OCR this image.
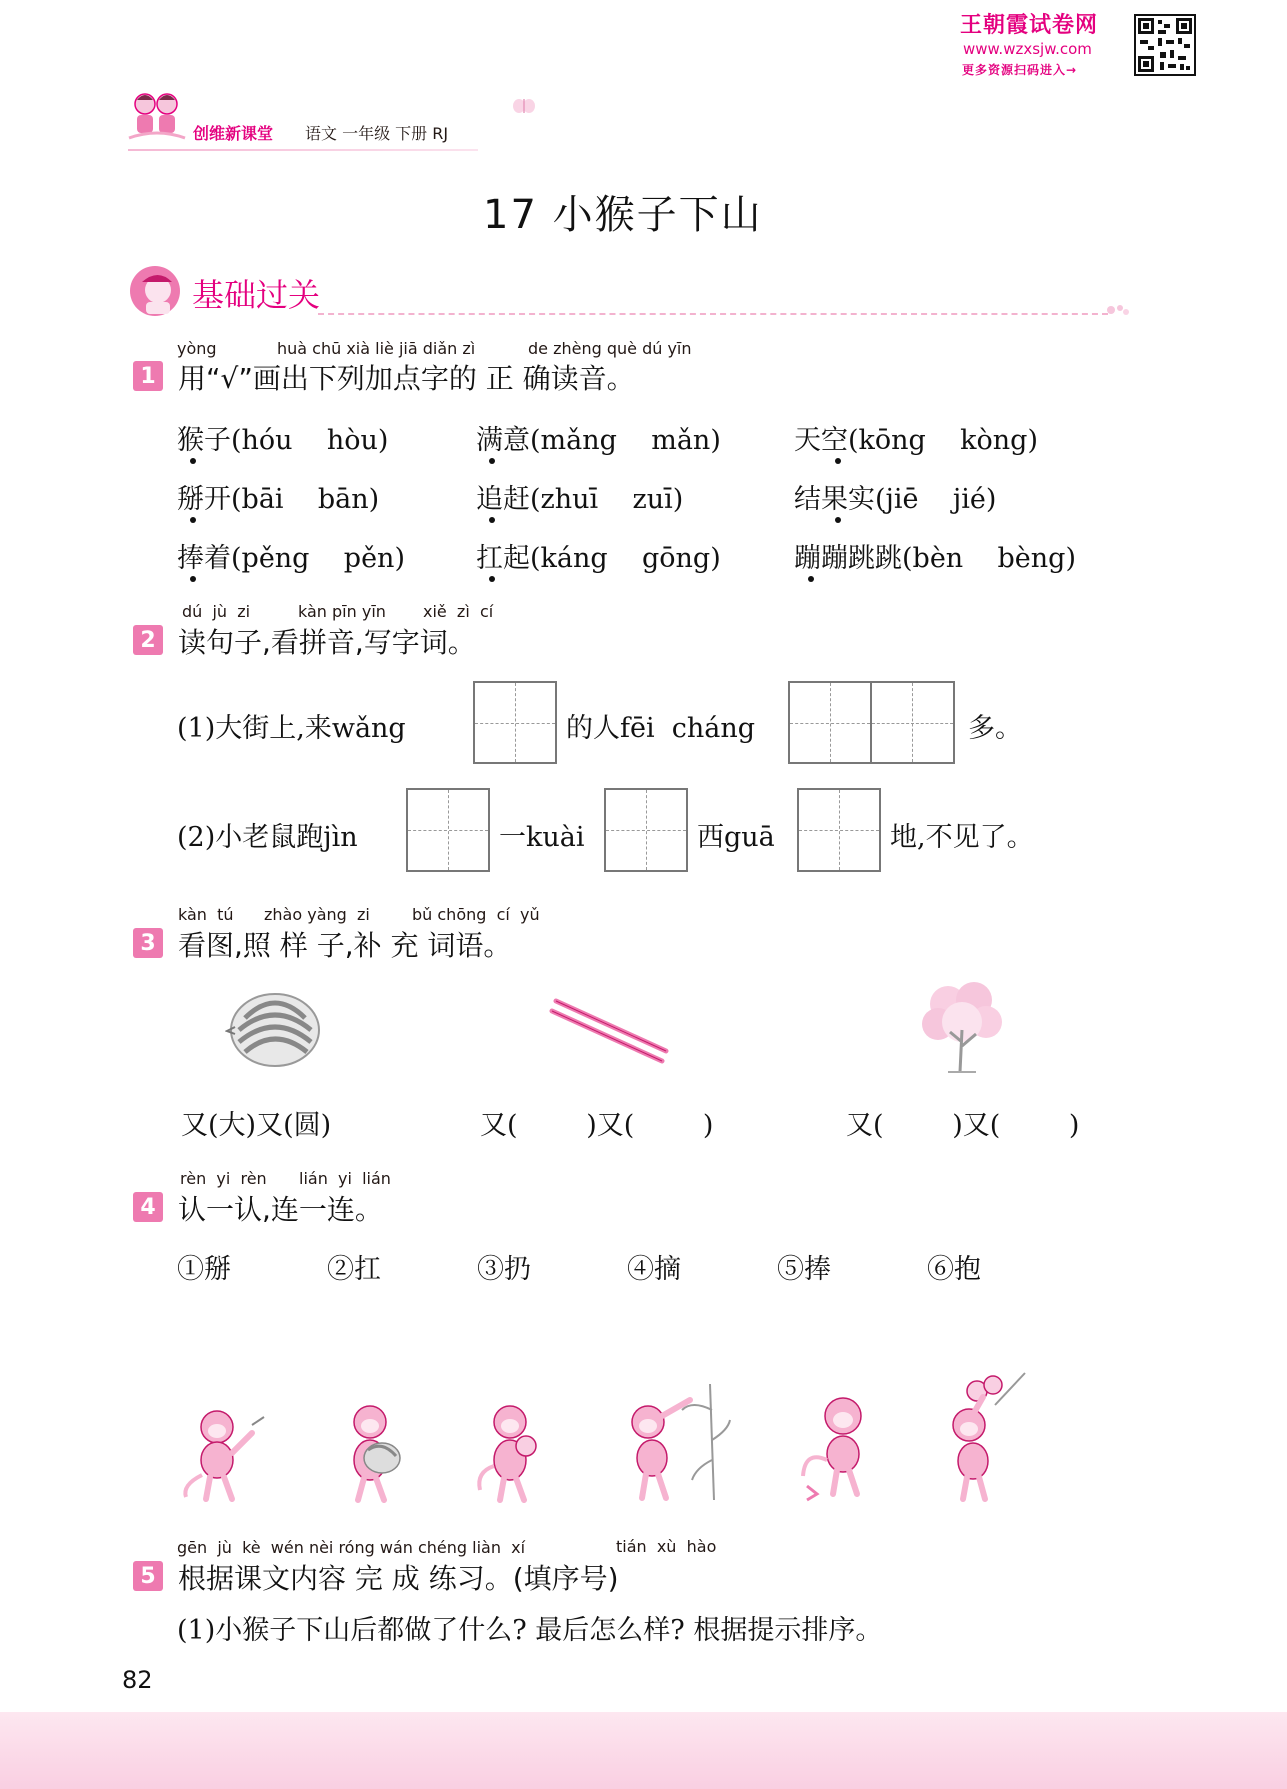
王朝霞试卷网
www.wzxsjw.com
更多资源扫码进入→
创维新课堂 语文 一年级 下册 RJ
17 小猴子下山
基础过关
yòng	huà chū xià liè jiā diǎn zì	de zhèng què dú yīn
1 用“√”画出下列加点字的 正 确读音。
猴子(hóu    hòu)	满意(mǎng    mǎn)	天空(kōng    kòng)
掰开(bāi    bān)	追赶(zhuī    zuī)	结果实(jiē    jié)
捧着(pěng    pěn)	扛起(káng    gōng)	蹦蹦跳跳(bèn    bèng)
dú  jù  zi	kàn pīn yīn xiě  zì  cí
2 读句子,看拼音,写字词。
(1)大街上,来wǎng	的人fēi  cháng	多。
(2)小老鼠跑jìn	一kuài	西guā	地,不见了。
kàn  tú zhào yàng  zi	bǔ chōng  cí  yǔ
3 看图,照 样 子,补 充 词语。
又(大)又(圆)	又(        )又(        )	又(        )又(        )
rèn  yi  rèn lián  yi  lián
4 认一认,连一连。
①掰	②扛	③扔	④摘	⑤捧	⑥抱
gēn  jù  kè  wén nèi róng wán chéng liàn  xí	tián  xù  hào
5 根据课文内容 完 成 练习。(填序号)
(1)小猴子下山后都做了什么? 最后怎么样? 根据提示排序。
82
